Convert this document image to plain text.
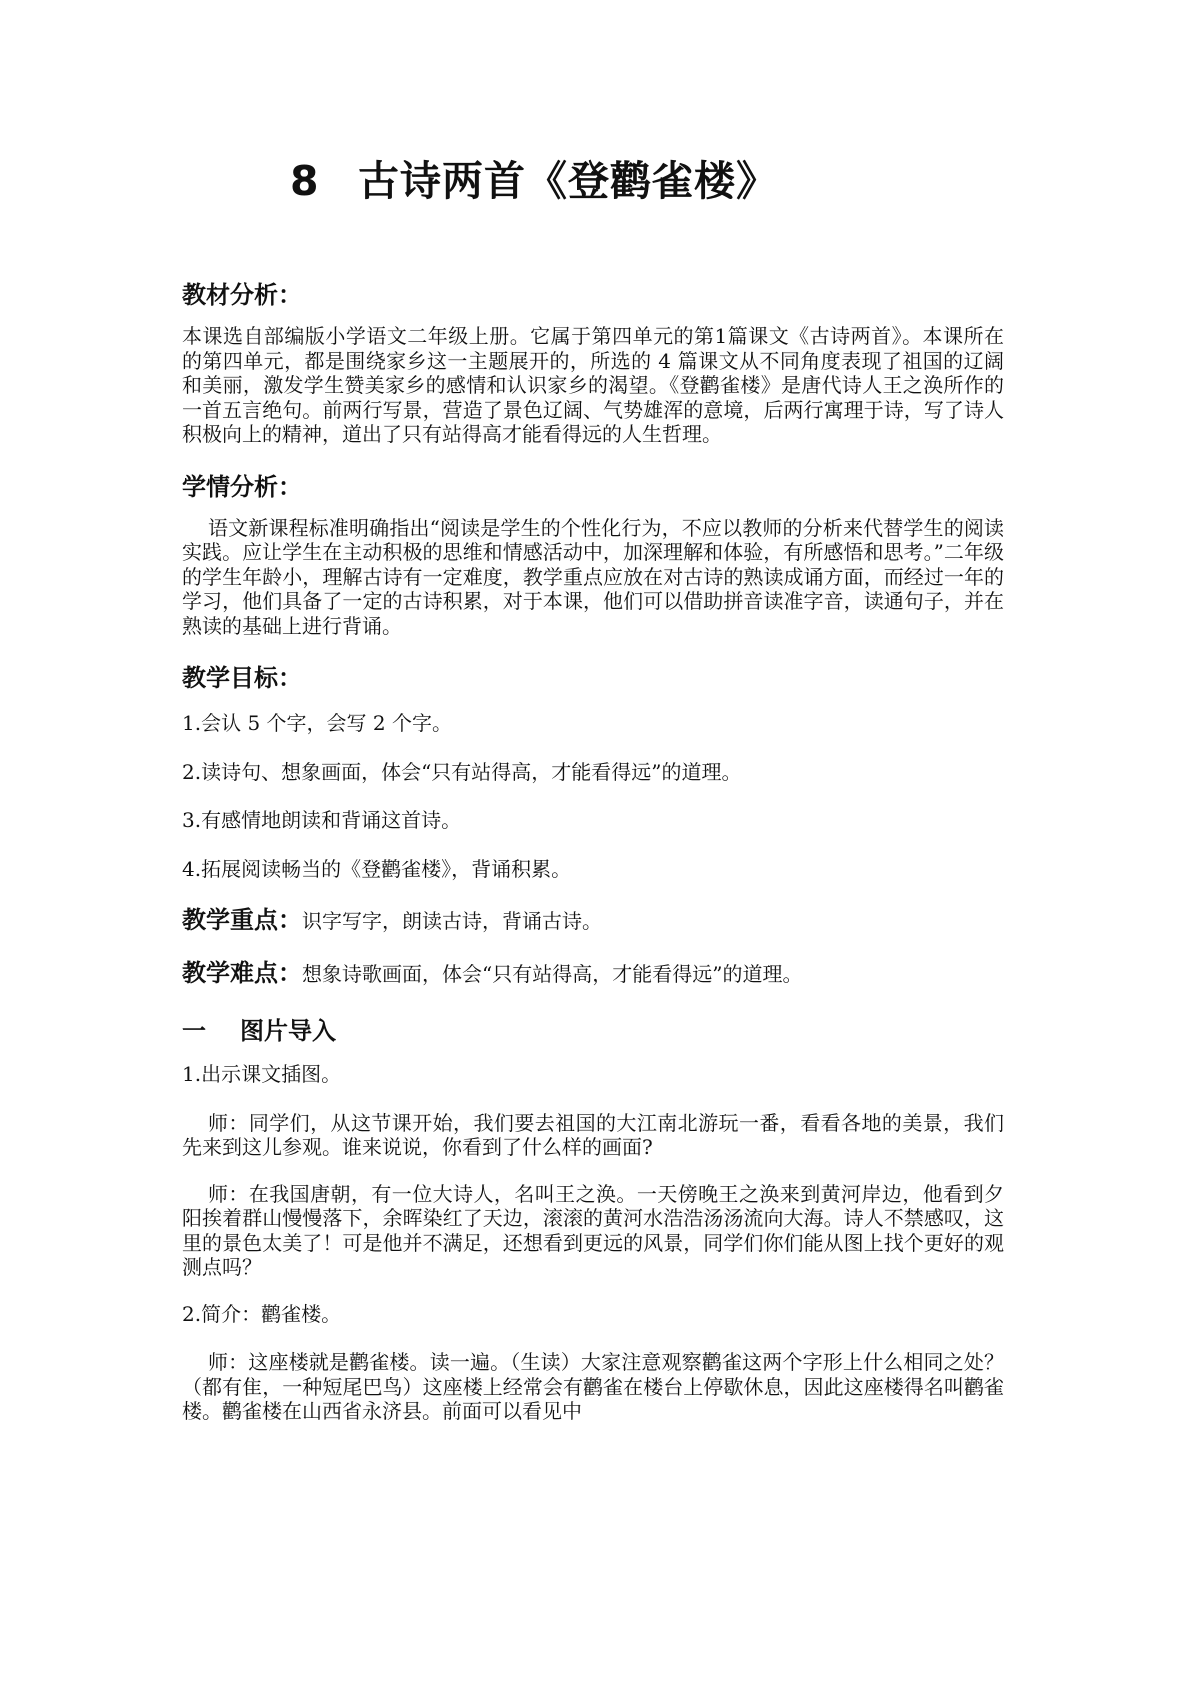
8 古诗两首《登鹳雀楼》
教材分析：

本课选自部编版小学语文二年级上册。它属于第四单元的第1篇课文《古诗两首》。本课所在的第四单元，都是围绕家乡这一主题展开的，所选的 4 篇课文从不同角度表现了祖国的辽阔和美丽，激发学生赞美家乡的感情和认识家乡的渴望。《登鹳雀楼》是唐代诗人王之涣所作的一首五言绝句。前两行写景，营造了景色辽阔、气势雄浑的意境，后两行寓理于诗，写了诗人积极向上的精神，道出了只有站得高才能看得远的人生哲理。

学情分析：

语文新课程标准明确指出“阅读是学生的个性化行为，不应以教师的分析来代替学生的阅读实践。应让学生在主动积极的思维和情感活动中，加深理解和体验，有所感悟和思考。”二年级的学生年龄小，理解古诗有一定难度，教学重点应放在对古诗的熟读成诵方面，而经过一年的学习，他们具备了一定的古诗积累，对于本课，他们可以借助拼音读准字音，读通句子，并在熟读的基础上进行背诵。

教学目标：
1.会认 5 个字，会写 2 个字。
2.读诗句、想象画面，体会“只有站得高，才能看得远”的道理。
3.有感情地朗读和背诵这首诗。
4.拓展阅读畅当的《登鹳雀楼》，背诵积累。
教学重点：识字写字，朗读古诗，背诵古诗。
教学难点：想象诗歌画面，体会“只有站得高，才能看得远”的道理。
一 图片导入
1.出示课文插图。

师：同学们，从这节课开始，我们要去祖国的大江南北游玩一番，看看各地的美景，我们先来到这儿参观。谁来说说，你看到了什么样的画面?

师：在我国唐朝，有一位大诗人，名叫王之涣。一天傍晚王之涣来到黄河岸边，他看到夕阳挨着群山慢慢落下，余晖染红了天边，滚滚的黄河水浩浩汤汤流向大海。诗人不禁感叹，这里的景色太美了！可是他并不满足，还想看到更远的风景，同学们你们能从图上找个更好的观测点吗？

2.简介：鹳雀楼。

师：这座楼就是鹳雀楼。读一遍。（生读）大家注意观察鹳雀这两个字形上什么相同之处？（都有隹，一种短尾巴鸟）这座楼上经常会有鹳雀在楼台上停歇休息，因此这座楼得名叫鹳雀楼。鹳雀楼在山西省永济县。前面可以看见中
